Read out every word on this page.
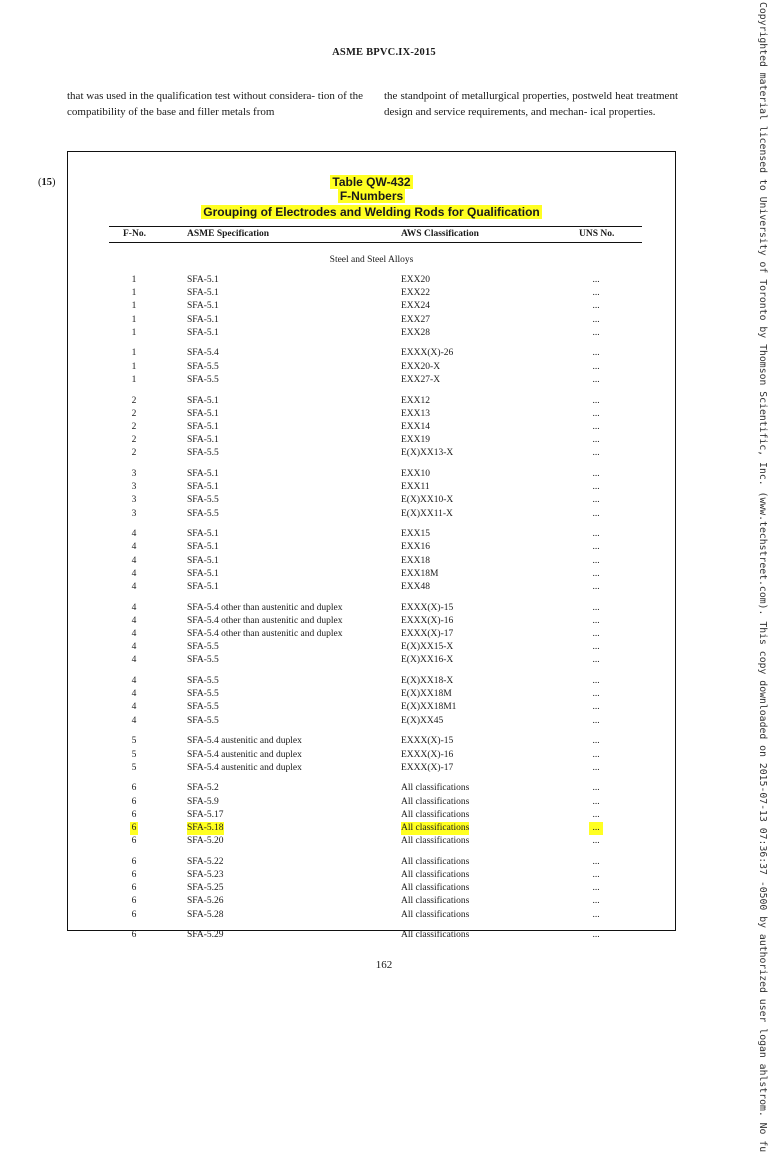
ASME BPVC.IX-2015
that was used in the qualification test without considera- tion of the compatibility of the base and filler metals from
the standpoint of metallurgical properties, postweld heat treatment design and service requirements, and mechan- ical properties.
(15)	Table QW-432
F-Numbers
Grouping of Electrodes and Welding Rods for Qualification
F-No.	ASME Specification	AWS Classification	UNS No.
Steel and Steel Alloys
1	SFA-5.1	EXX20	...
1	SFA-5.1	EXX22	...
1	SFA-5.1	EXX24	...
1	SFA-5.1	EXX27	...
1	SFA-5.1	EXX28	...
1	SFA-5.4	EXXX(X)-26	...
1	SFA-5.5	EXX20-X	...
1	SFA-5.5	EXX27-X	...
2	SFA-5.1	EXX12	...
2	SFA-5.1	EXX13	...
2	SFA-5.1	EXX14	...
2	SFA-5.1	EXX19	...
2	SFA-5.5	E(X)XX13-X	...
3	SFA-5.1	EXX10	...
3	SFA-5.1	EXX11	...
3	SFA-5.5	E(X)XX10-X	...
3	SFA-5.5	E(X)XX11-X	...
4	SFA-5.1	EXX15	...
4	SFA-5.1	EXX16	...
4	SFA-5.1	EXX18	...
4	SFA-5.1	EXX18M	...
4	SFA-5.1	EXX48	...
4	SFA-5.4 other than austenitic and duplex	EXXX(X)-15	...
4	SFA-5.4 other than austenitic and duplex	EXXX(X)-16	...
4	SFA-5.4 other than austenitic and duplex	EXXX(X)-17	...
4	SFA-5.5	E(X)XX15-X	...
4	SFA-5.5	E(X)XX16-X	...
4	SFA-5.5	E(X)XX18-X	...
4	SFA-5.5	E(X)XX18M	...
4	SFA-5.5	E(X)XX18M1	...
4	SFA-5.5	E(X)XX45	...
5	SFA-5.4 austenitic and duplex	EXXX(X)-15	...
5	SFA-5.4 austenitic and duplex	EXXX(X)-16	...
5	SFA-5.4 austenitic and duplex	EXXX(X)-17	...
6	SFA-5.2	All classifications	...
6	SFA-5.9	All classifications	...
6	SFA-5.17	All classifications	...
6	SFA-5.18	All classifications	...
6	SFA-5.20	All classifications	...
6	SFA-5.22	All classifications	...
6	SFA-5.23	All classifications	...
6	SFA-5.25	All classifications	...
6	SFA-5.26	All classifications	...
6	SFA-5.28	All classifications	...
6	SFA-5.29	All classifications	...
162	Copyrighted material licensed to University of Toronto by Thomson Scientific, Inc. (www.techstreet.com). This copy downloaded on 2015-07-13 07:36:37 -0500 by authorized user logan ahlstrom. No fu
